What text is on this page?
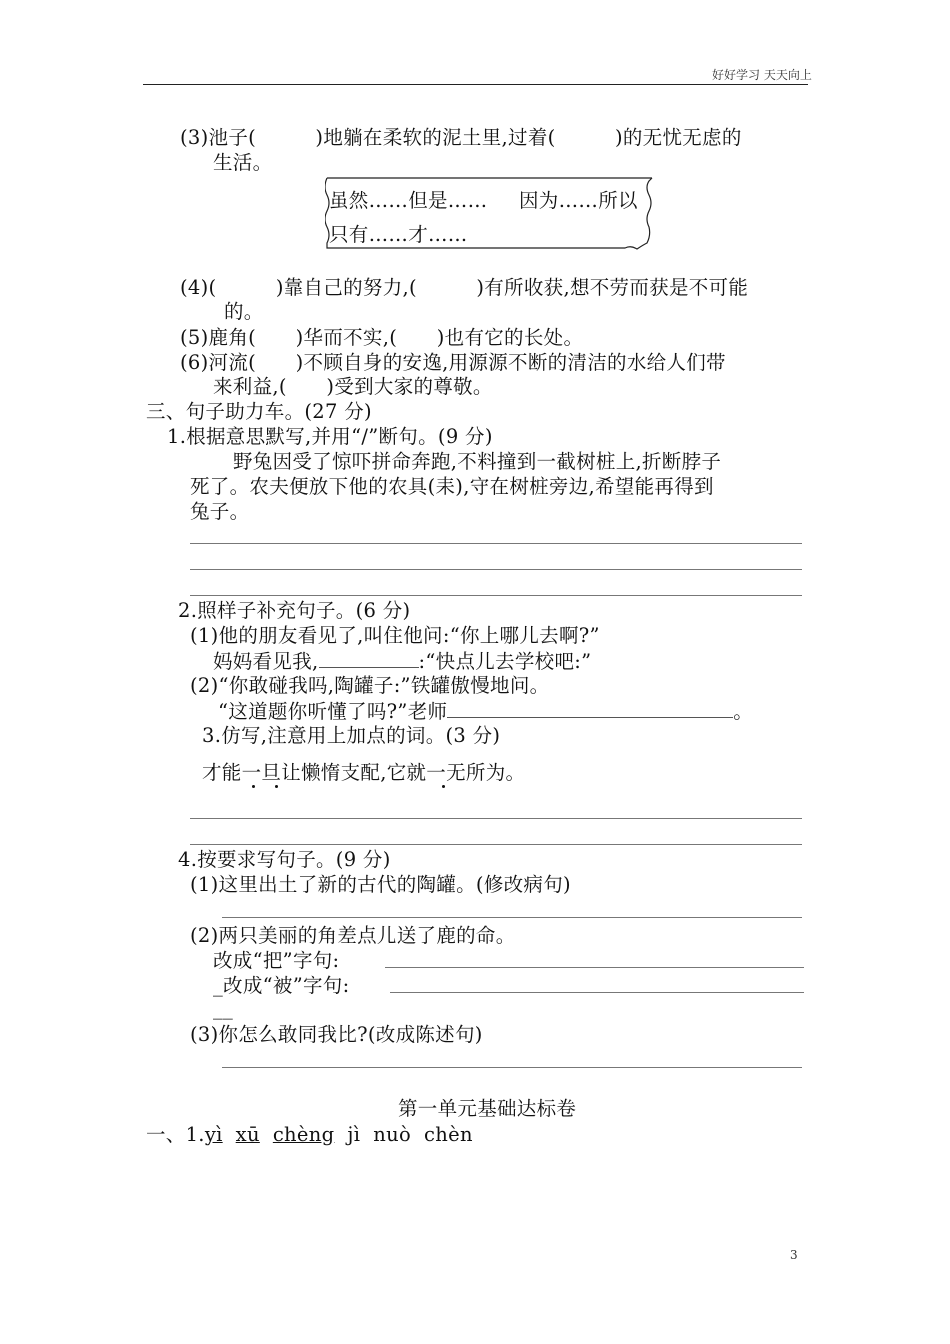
好好学习 天天向上
(3)池子(　　　)地躺在柔软的泥土里,过着(　　　)的无忧无虑的
生活。
虽然……但是…… 因为……所以
只有……才……
(4)(　　　)靠自己的努力,(　　　)有所收获,想不劳而获是不可能
的。
(5)鹿角(　　)华而不实,(　　)也有它的长处。
(6)河流(　　)不顾自身的安逸,用源源不断的清洁的水给人们带
来利益,(　　)受到大家的尊敬。
三、句子助力车。(27 分)
1.根据意思默写,并用“/”断句。(9 分)
野兔因受了惊吓拼命奔跑,不料撞到一截树桩上,折断脖子
死了。农夫便放下他的农具(耒),守在树桩旁边,希望能再得到
兔子。
2.照样子补充句子。(6 分)
(1)他的朋友看见了,叫住他问:“你上哪儿去啊?”
妈妈看见我,	:“快点儿去学校吧:”
(2)“你敢碰我吗,陶罐子:”铁罐傲慢地问。
“这道题你听懂了吗?”老师	。
3.仿写,注意用上加点的词。(3 分)
才能一旦让懒惰支配,它就一无所为。
4.按要求写句子。(9 分)
(1)这里出土了新的古代的陶罐。(修改病句)
(2)两只美丽的角差点儿送了鹿的命。
改成“把”字句:
_改成“被”字句:
__
(3)你怎么敢同我比?(改成陈述句)
第一单元基础达标卷
一、1.yì xū chèng jì nuò chèn
3
